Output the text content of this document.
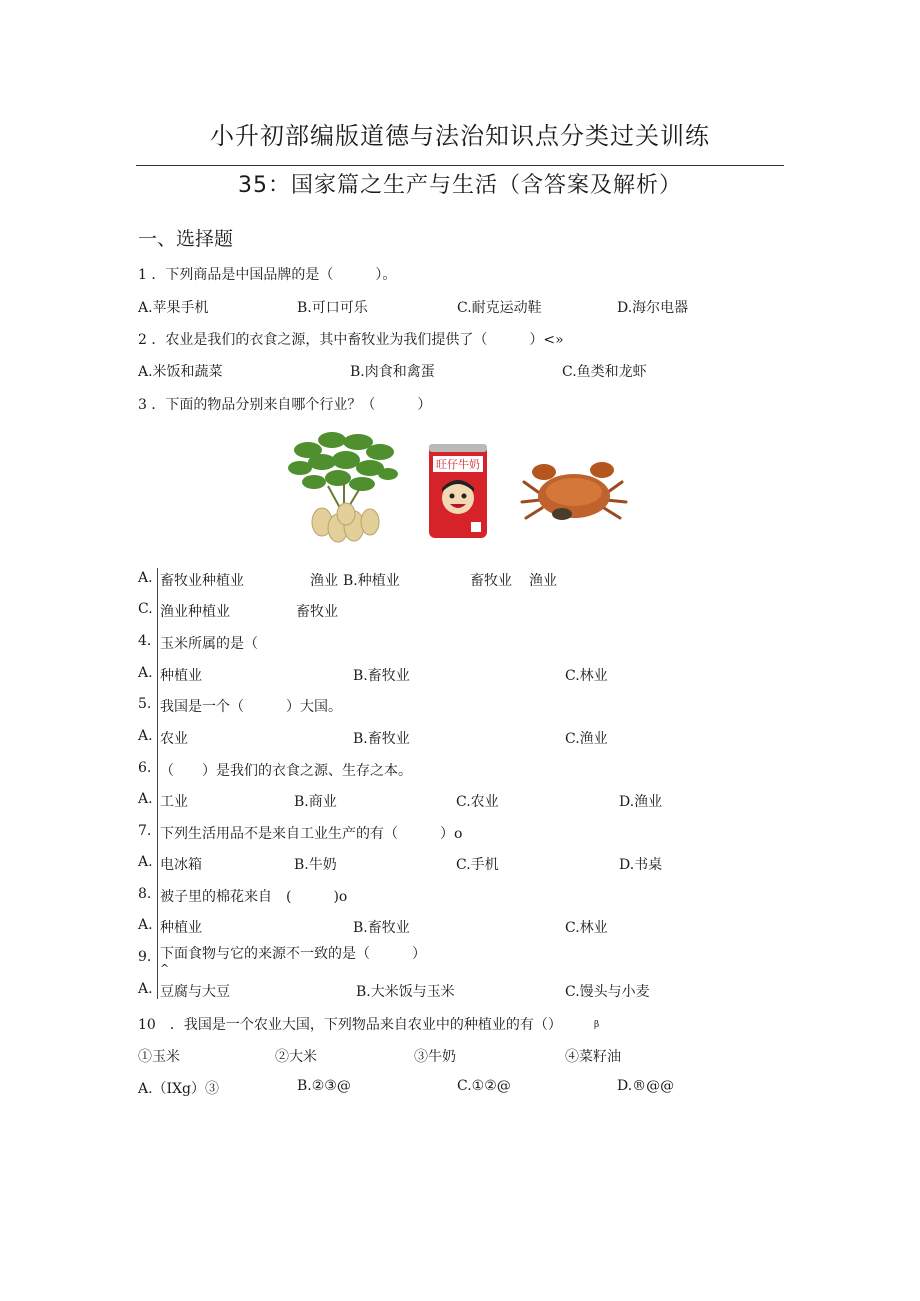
小升初部编版道德与法治知识点分类过关训练
35：国家篇之生产与生活（含答案及解析）
一、选择题
1 ．下列商品是中国品牌的是（　　　）。
A.苹果手机	B.可口可乐	C.耐克运动鞋	D.海尔电器
2 ．农业是我们的衣食之源，其中畜牧业为我们提供了（　　　）<»
A.米饭和蔬菜	B.肉食和禽蛋	C.鱼类和龙虾
3 ．下面的物品分别来自哪个行业？（　　　）
旺仔牛奶
A. 畜牧业种植业	渔业 B.种植业	畜牧业 渔业
C. 渔业种植业	畜牧业
4. 玉米所属的是（
A. 种植业	B.畜牧业	C.林业
5. 我国是一个（　　　）大国。
A. 农业	B.畜牧业	C.渔业
6. （　　）是我们的衣食之源、生存之本。
A. 工业	B.商业	C.农业	D.渔业
7. 下列生活用品不是来自工业生产的有（　　　）o
A. 电冰箱	B.牛奶	C.手机	D.书桌
8. 被子里的棉花来自　(　　　)o
A. 种植业	B.畜牧业	C.林业
9. 下面食物与它的来源不一致的是（　　　）
^
A. 豆腐与大豆	B.大米饭与玉米	C.馒头与小麦
10　．我国是一个农业大国，下列物品来自农业中的种植业的有（）	β
①玉米	②大米	③牛奶	④菜籽油
A.（IXg）③	B.②③@	C.①②@	D.®@@
